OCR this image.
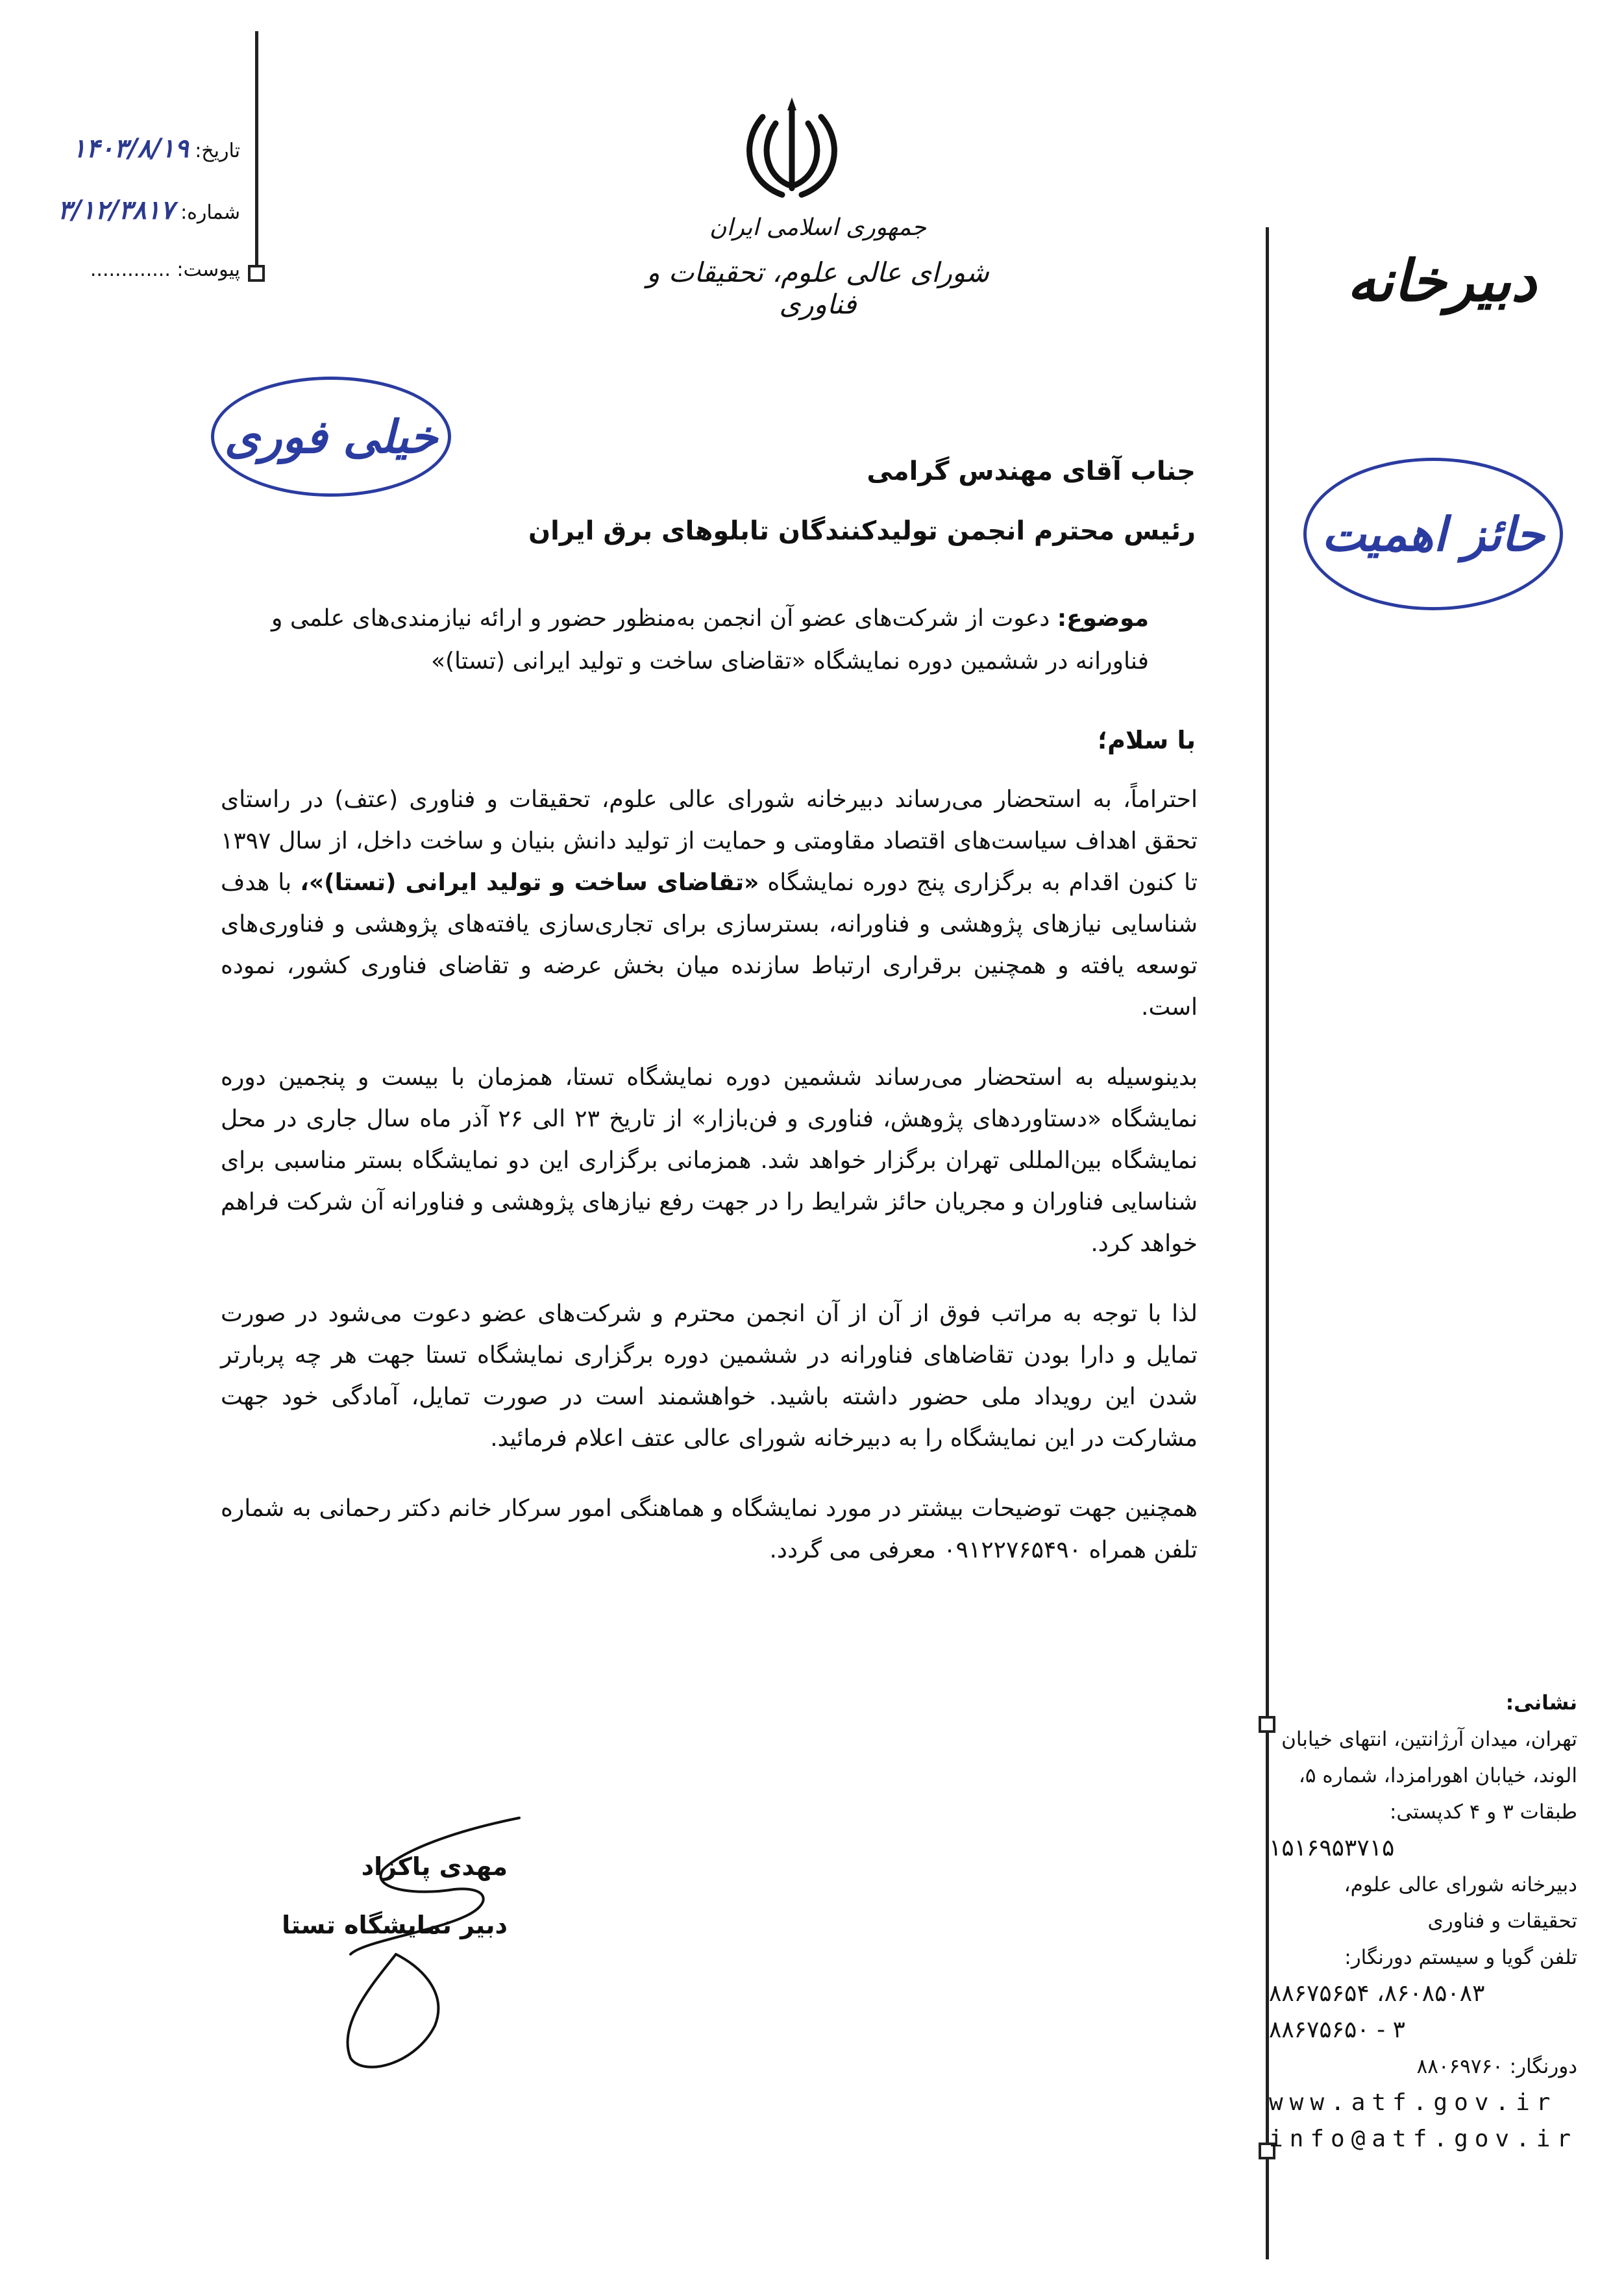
تاریخ: ۱۴۰۳/۸/۱۹
شماره: ۳/۱۲/۳۸۱۷
پیوست: .............
جمهوری اسلامی ایران
شورای عالی علوم، تحقیقات و فناوری	دبیرخانه
خیلی فوری
حائز اهمیت
جناب آقای مهندس گرامی
رئیس محترم انجمن تولیدکنندگان تابلوهای برق ایران
موضوع: دعوت از شرکت‌های عضو آن انجمن به‌منظور حضور و ارائه نیازمندی‌های علمی و فناورانه در ششمین دوره نمایشگاه «تقاضای ساخت و تولید ایرانی (تستا)»
با سلام؛

احتراماً، به استحضار می‌رساند دبیرخانه شورای عالی علوم، تحقیقات و فناوری (عتف) در راستای تحقق اهداف سیاست‌های اقتصاد مقاومتی و حمایت از تولید دانش بنیان و ساخت داخل، از سال ۱۳۹۷ تا کنون اقدام به برگزاری پنج دوره نمایشگاه «تقاضای ساخت و تولید ایرانی (تستا)»، با هدف شناسایی نیازهای پژوهشی و فناورانه، بسترسازی برای تجاری‌سازی یافته‌های پژوهشی و فناوری‌های توسعه یافته و همچنین برقراری ارتباط سازنده میان بخش عرضه و تقاضای فناوری کشور، نموده است.

بدینوسیله به استحضار می‌رساند ششمین دوره نمایشگاه تستا، همزمان با بیست و پنجمین دوره نمایشگاه «دستاوردهای پژوهش، فناوری و فن‌بازار» از تاریخ ۲۳ الی ۲۶ آذر ماه سال جاری در محل نمایشگاه بین‌المللی تهران برگزار خواهد شد. همزمانی برگزاری این دو نمایشگاه بستر مناسبی برای شناسایی فناوران و مجریان حائز شرایط را در جهت رفع نیازهای پژوهشی و فناورانه آن شرکت فراهم خواهد کرد.

لذا با توجه به مراتب فوق از آن از آن انجمن محترم و شرکت‌های عضو دعوت می‌شود در صورت تمایل و دارا بودن تقاضاهای فناورانه در ششمین دوره برگزاری نمایشگاه تستا جهت هر چه پربارتر شدن این رویداد ملی حضور داشته باشید. خواهشمند است در صورت تمایل، آمادگی خود جهت مشارکت در این نمایشگاه را به دبیرخانه شورای عالی عتف اعلام فرمائید.

همچنین جهت توضیحات بیشتر در مورد نمایشگاه و هماهنگی امور سرکار خانم دکتر رحمانی به شماره تلفن همراه ۰۹۱۲۲۷۶۵۴۹۰ معرفی می گردد.

مهدی پاکزاد
دبیر نمایشگاه تستا
نشانی:
تهران، میدان آرژانتین، انتهای خیابان الوند، خیابان اهورامزدا، شماره ۵، طبقات ۳ و ۴ کدپستی:
۱۵۱۶۹۵۳۷۱۵
دبیرخانه شورای عالی علوم، تحقیقات و فناوری
تلفن گویا و سیستم دورنگار:
۸۸۶۷۵۶۵۴ ،۸۶۰۸۵۰۸۳
۸۸۶۷۵۶۵۰ - ۳
دورنگار: ۸۸۰۶۹۷۶۰
www.atf.gov.ir
info@atf.gov.ir
